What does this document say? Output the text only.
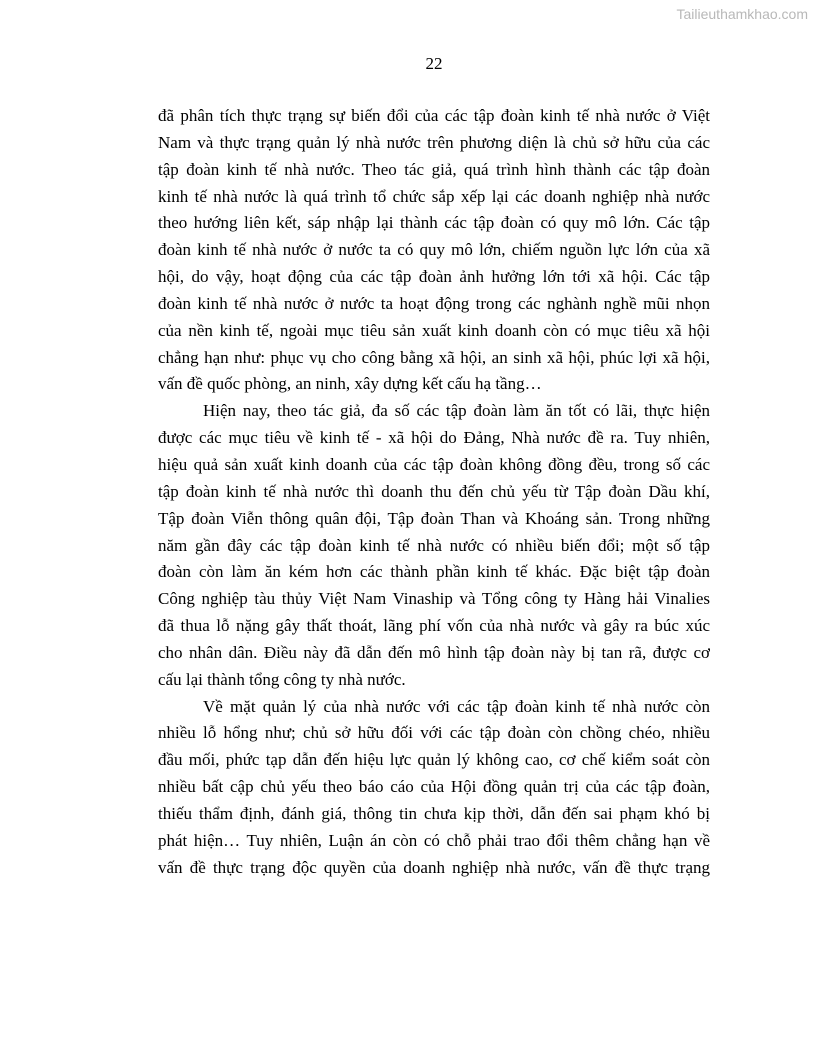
Tailieuthamkhao.com
22
đã phân tích thực trạng sự biến đổi của các tập đoàn kinh tế nhà nước ở Việt
Nam và thực trạng quản lý nhà nước trên phương diện là chủ sở hữu của các
tập đoàn kinh tế nhà nước. Theo tác giả, quá trình hình thành các tập đoàn
kinh tế nhà nước là quá trình tổ chức sắp xếp lại các doanh nghiệp nhà nước
theo hướng liên kết, sáp nhập lại thành các tập đoàn có quy mô lớn. Các tập
đoàn kinh tế nhà nước ở nước ta có quy mô lớn, chiếm nguồn lực lớn của xã
hội, do vậy, hoạt động của các tập đoàn ảnh hưởng lớn tới xã hội. Các tập
đoàn kinh tế nhà nước ở nước ta hoạt động trong các nghành nghề mũi nhọn
của nền kinh tế, ngoài mục tiêu sản xuất kinh doanh còn có mục tiêu xã hội
chẳng hạn như: phục vụ cho công bằng xã hội, an sinh xã hội, phúc lợi xã hội,
vấn đề quốc phòng, an ninh, xây dựng kết cấu hạ tầng…
Hiện nay, theo tác giả, đa số các tập đoàn làm ăn tốt có lãi, thực hiện
được các mục tiêu về kinh tế - xã hội do Đảng, Nhà nước đề ra. Tuy nhiên,
hiệu quả sản xuất kinh doanh của các tập đoàn không đồng đều, trong số các
tập đoàn kinh tế nhà nước thì doanh thu đến chủ yếu từ Tập đoàn Dầu khí,
Tập đoàn Viễn thông quân đội, Tập đoàn Than và Khoáng sản. Trong những
năm gần đây các tập đoàn kinh tế nhà nước có nhiều biến đổi; một số tập
đoàn còn làm ăn kém hơn các thành phần kinh tế khác. Đặc biệt tập đoàn
Công nghiệp tàu thủy Việt Nam Vinaship và Tổng công ty Hàng hải Vinalies
đã thua lỗ nặng gây thất thoát, lãng phí vốn của nhà nước và gây ra búc xúc
cho nhân dân. Điều này đã dẫn đến mô hình tập đoàn này bị tan rã, được cơ
cấu lại thành tổng công ty nhà nước.
Về mặt quản lý của nhà nước với các tập đoàn kinh tế nhà nước còn
nhiều lỗ hổng như; chủ sở hữu đối với các tập đoàn còn chồng chéo, nhiều
đầu mối, phức tạp dẫn đến hiệu lực quản lý không cao, cơ chế kiểm soát còn
nhiều bất cập chủ yếu theo báo cáo của Hội đồng quản trị của các tập đoàn,
thiếu thẩm định, đánh giá, thông tin chưa kịp thời, dẫn đến sai phạm khó bị
phát hiện… Tuy nhiên, Luận án còn có chỗ phải trao đổi thêm chẳng hạn về
vấn đề thực trạng độc quyền của doanh nghiệp nhà nước, vấn đề thực trạng
